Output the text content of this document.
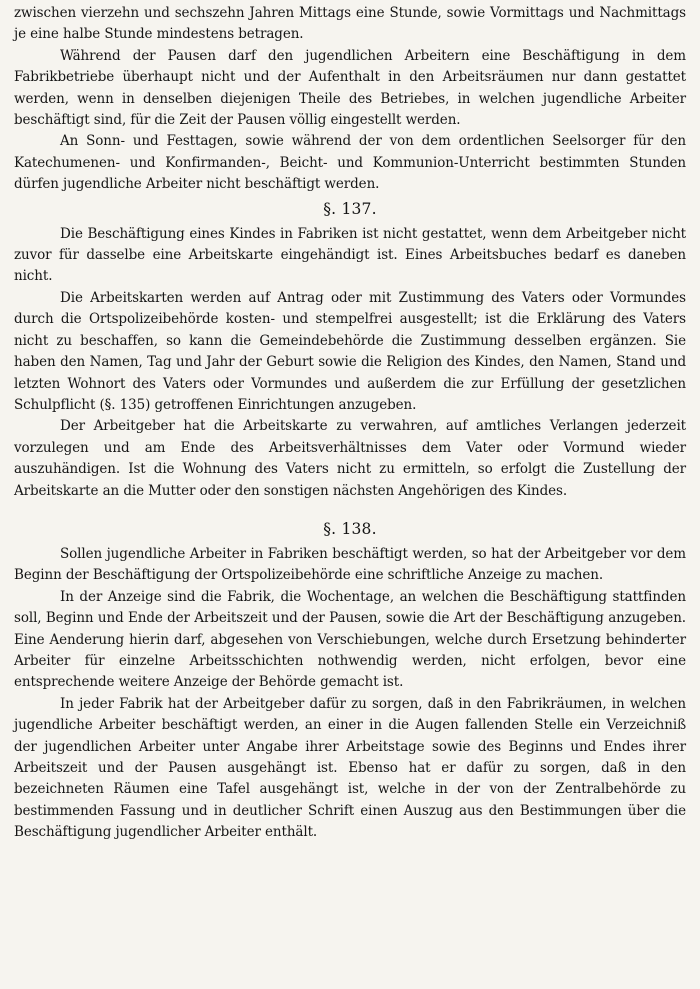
zwischen vierzehn und sechszehn Jahren Mittags eine Stunde, sowie Vormittags und Nachmittags je eine halbe Stunde mindestens betragen.

Während der Pausen darf den jugendlichen Arbeitern eine Beschäftigung in dem Fabrikbetriebe überhaupt nicht und der Aufenthalt in den Arbeitsräumen nur dann gestattet werden, wenn in denselben diejenigen Theile des Betriebes, in welchen jugendliche Arbeiter beschäftigt sind, für die Zeit der Pausen völlig eingestellt werden.

An Sonn- und Festtagen, sowie während der von dem ordentlichen Seelsorger für den Katechumenen- und Konfirmanden-, Beicht- und Kommunion-Unterricht bestimmten Stunden dürfen jugendliche Arbeiter nicht beschäftigt werden.

§. 137.

Die Beschäftigung eines Kindes in Fabriken ist nicht gestattet, wenn dem Arbeitgeber nicht zuvor für dasselbe eine Arbeitskarte eingehändigt ist. Eines Arbeitsbuches bedarf es daneben nicht.

Die Arbeitskarten werden auf Antrag oder mit Zustimmung des Vaters oder Vormundes durch die Ortspolizeibehörde kosten- und stempelfrei ausgestellt; ist die Erklärung des Vaters nicht zu beschaffen, so kann die Gemeindebehörde die Zustimmung desselben ergänzen. Sie haben den Namen, Tag und Jahr der Geburt sowie die Religion des Kindes, den Namen, Stand und letzten Wohnort des Vaters oder Vormundes und außerdem die zur Erfüllung der gesetzlichen Schulpflicht (§. 135) getroffenen Einrichtungen anzugeben.

Der Arbeitgeber hat die Arbeitskarte zu verwahren, auf amtliches Verlangen jederzeit vorzulegen und am Ende des Arbeitsverhältnisses dem Vater oder Vormund wieder auszuhändigen. Ist die Wohnung des Vaters nicht zu ermitteln, so erfolgt die Zustellung der Arbeitskarte an die Mutter oder den sonstigen nächsten Angehörigen des Kindes.

§. 138.

Sollen jugendliche Arbeiter in Fabriken beschäftigt werden, so hat der Arbeitgeber vor dem Beginn der Beschäftigung der Ortspolizeibehörde eine schriftliche Anzeige zu machen.

In der Anzeige sind die Fabrik, die Wochentage, an welchen die Beschäftigung stattfinden soll, Beginn und Ende der Arbeitszeit und der Pausen, sowie die Art der Beschäftigung anzugeben. Eine Aenderung hierin darf, abgesehen von Verschiebungen, welche durch Ersetzung behinderter Arbeiter für einzelne Arbeitsschichten nothwendig werden, nicht erfolgen, bevor eine entsprechende weitere Anzeige der Behörde gemacht ist.

In jeder Fabrik hat der Arbeitgeber dafür zu sorgen, daß in den Fabrikräumen, in welchen jugendliche Arbeiter beschäftigt werden, an einer in die Augen fallenden Stelle ein Verzeichniß der jugendlichen Arbeiter unter Angabe ihrer Arbeitstage sowie des Beginns und Endes ihrer Arbeitszeit und der Pausen ausgehängt ist. Ebenso hat er dafür zu sorgen, daß in den bezeichneten Räumen eine Tafel ausgehängt ist, welche in der von der Zentralbehörde zu bestimmenden Fassung und in deutlicher Schrift einen Auszug aus den Bestimmungen über die Beschäftigung jugendlicher Arbeiter enthält.
